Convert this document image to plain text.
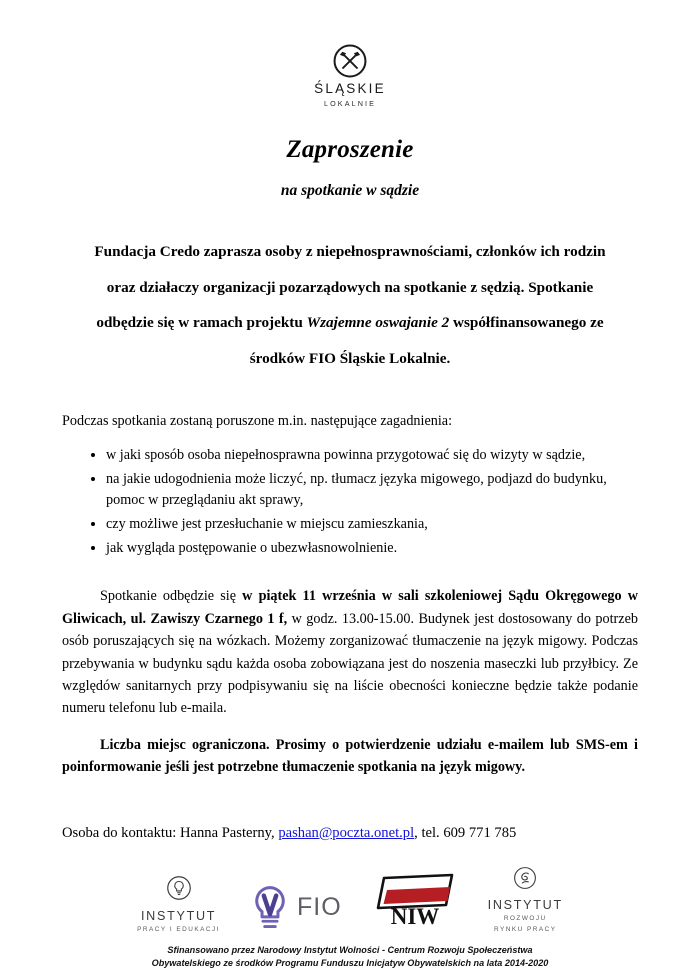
ŚLĄSKIE
LOKALNIE
Zaproszenie
na spotkanie w sądzie
Fundacja Credo zaprasza osoby z niepełnosprawnościami, członków ich rodzin
oraz działaczy organizacji pozarządowych na spotkanie z sędzią. Spotkanie
odbędzie się w ramach projektu Wzajemne oswajanie 2 współfinansowanego ze
środków FIO Śląskie Lokalnie.
Podczas spotkania zostaną poruszone m.in. następujące zagadnienia:
• w jaki sposób osoba niepełnosprawna powinna przygotować się do wizyty w sądzie,
• na jakie udogodnienia może liczyć, np. tłumacz języka migowego, podjazd do budynku, pomoc w przeglądaniu akt sprawy,
• czy możliwe jest przesłuchanie w miejscu zamieszkania,
• jak wygląda postępowanie o ubezwłasnowolnienie.

Spotkanie odbędzie się w piątek 11 września w sali szkoleniowej Sądu Okręgowego w Gliwicach, ul. Zawiszy Czarnego 1 f, w godz. 13.00-15.00. Budynek jest dostosowany do potrzeb osób poruszających się na wózkach. Możemy zorganizować tłumaczenie na język migowy. Podczas przebywania w budynku sądu każda osoba zobowiązana jest do noszenia maseczki lub przyłbicy. Ze względów sanitarnych przy podpisywaniu się na liście obecności konieczne będzie także podanie numeru telefonu lub e-maila.

Liczba miejsc ograniczona. Prosimy o potwierdzenie udziału e-mailem lub SMS-em i poinformowanie jeśli jest potrzebne tłumaczenie spotkania na język migowy.

Osoba do kontaktu: Hanna Pasterny, pashan@poczta.onet.pl, tel. 609 771 785

INSTYTUT
PRACY I EDUKACJI
FIO NIW	INSTYTUT
ROZWOJU
RYNKU PRACY
Sfinansowano przez Narodowy Instytut Wolności - Centrum Rozwoju Społeczeństwa
Obywatelskiego ze środków Programu Funduszu Inicjatyw Obywatelskich na lata 2014-2020
